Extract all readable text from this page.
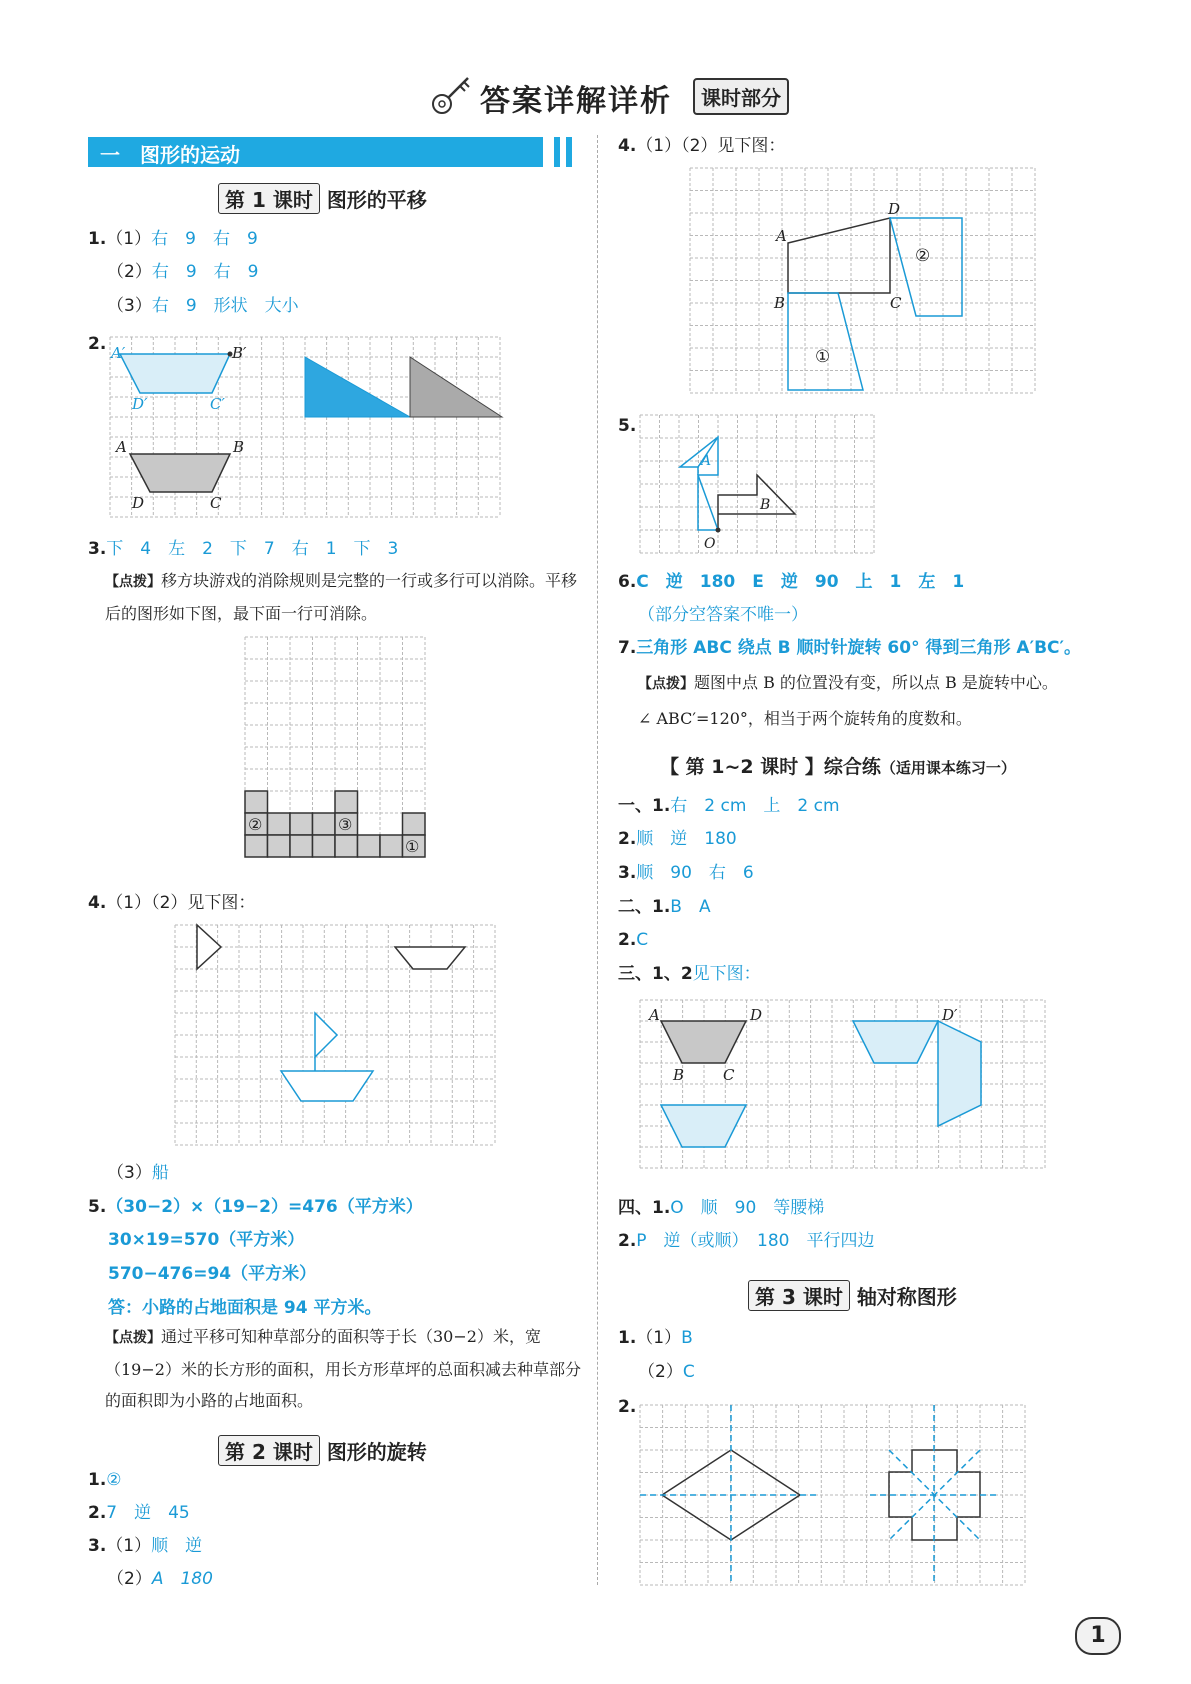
答案详解详析	课时部分
一　图形的运动
第 1 课时 图形的平移
1.（1）右　9　右　9
（2）右　9　右　9
（3）右　9　形状　大小
2. A′	B′
D′	C′
A	B
D	C
3.下　4　左　2　下　7　右　1　下　3
【点拨】移方块游戏的消除规则是完整的一行或多行可以消除。平移后的图形如下图，最下面一行可消除。
②	③
①
4.（1）（2）见下图：
（3）船
5.（30−2）×（19−2）=476（平方米）
30×19=570（平方米）
570−476=94（平方米）
答：小路的占地面积是 94 平方米。
【点拨】通过平移可知种草部分的面积等于长（30−2）米，宽（19−2）米的长方形的面积，用长方形草坪的总面积减去种草部分的面积即为小路的占地面积。
第 2 课时 图形的旋转
1.②
2.7　逆　45
3.（1）顺　逆
（2）A　180
4.（1）（2）见下图：
A
D
B	C
②
①
5.
A
B
O
6.C　逆　180　E　逆　90　上　1　左　1
（部分空答案不唯一）
7.三角形 ABC 绕点 B 顺时针旋转 60° 得到三角形 A′BC′。
【点拨】题图中点 B 的位置没有变，所以点 B 是旋转中心。
∠ ABC′=120°，相当于两个旋转角的度数和。
【 第 1~2 课时 】综合练（适用课本练习一）
一、1.右　2 cm　上　2 cm
2.顺　逆　180
3.顺　90　右　6
二、1.B　A
2.C
三、1、2见下图：
A	D
B	C
D′
四、1.O　顺　90　等腰梯
2.P　逆（或顺）　180　平行四边
第 3 课时 轴对称图形
1.（1）B
（2）C
2.
1
